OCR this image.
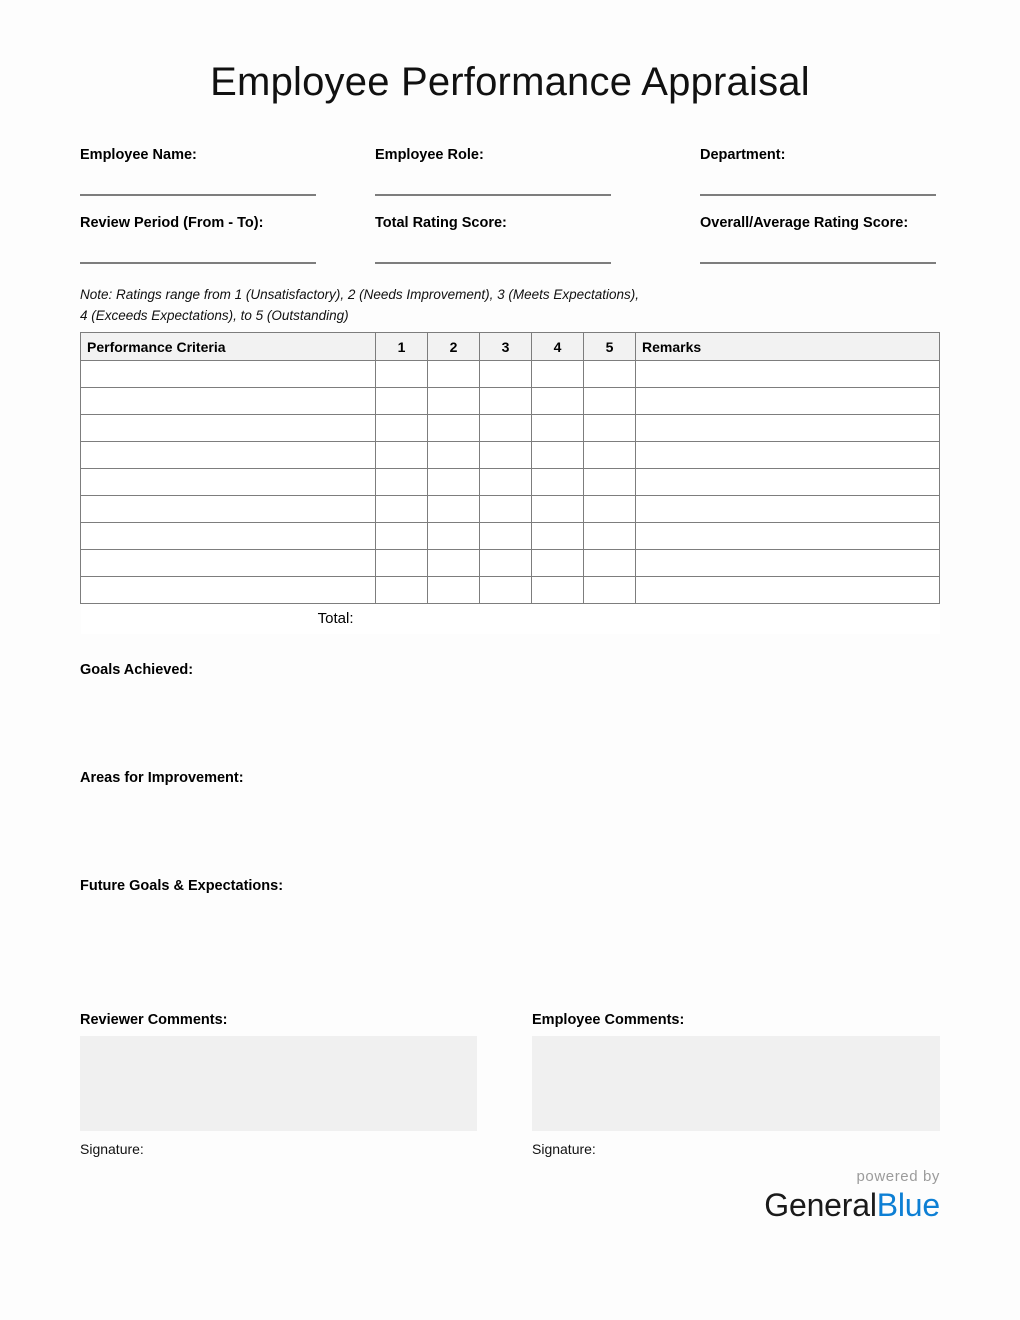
Employee Performance Appraisal
Employee Name:	Employee Role:	Department:
Review Period (From - To):	Total Rating Score:	Overall/Average Rating Score:
Note: Ratings range from 1 (Unsatisfactory), 2 (Needs Improvement), 3 (Meets Expectations),
4 (Exceeds Expectations), to 5 (Outstanding)
Performance Criteria	1	2	3	4	5	Remarks

Total:						
Goals Achieved:
Areas for Improvement:
Future Goals & Expectations:
Reviewer Comments:
Signature:
Employee Comments:
Signature:
powered by
GeneralBlue
